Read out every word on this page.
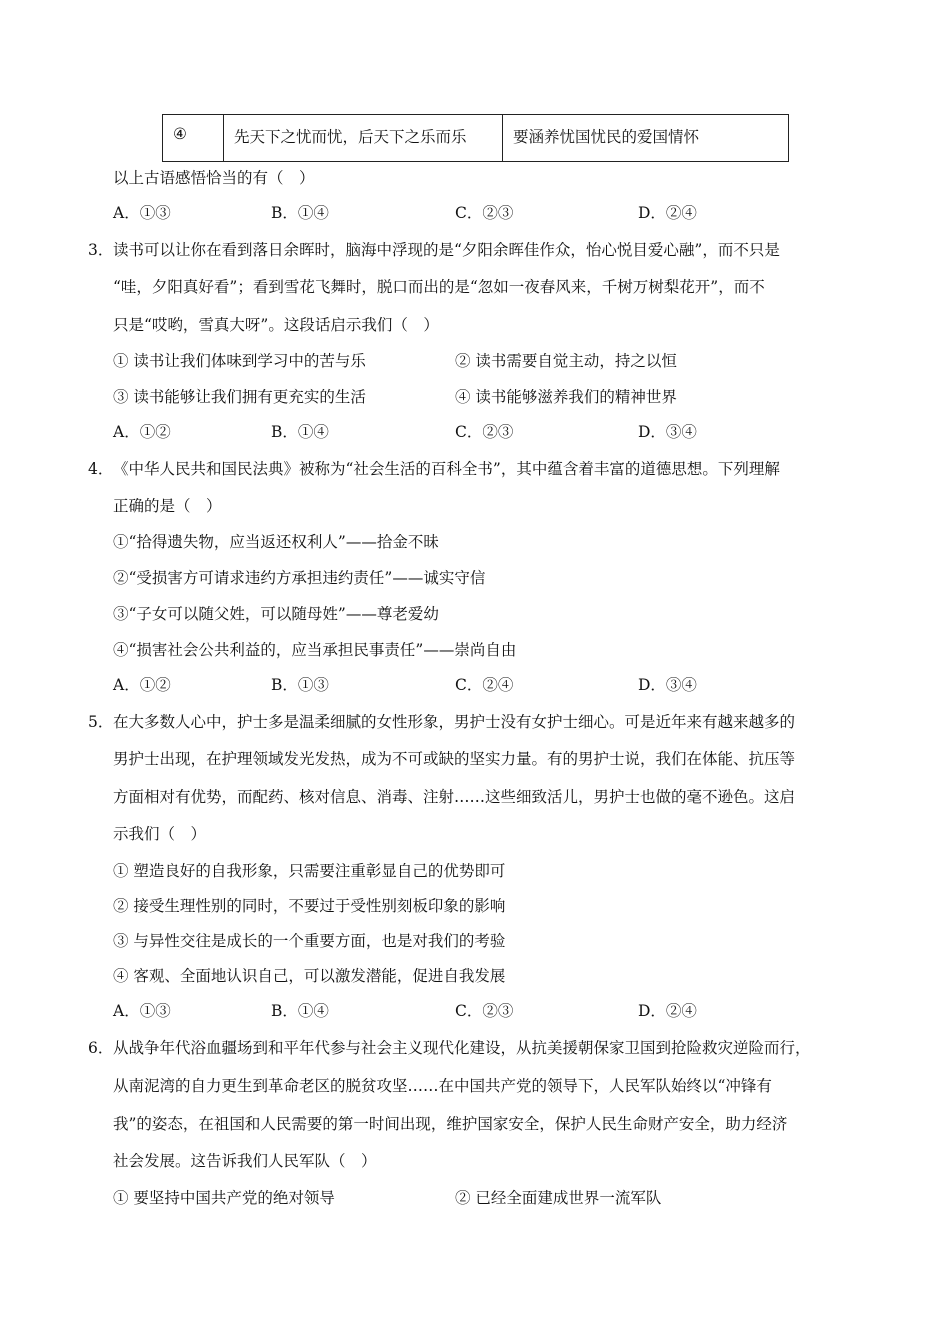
④	先天下之忧而忧，后天下之乐而乐	要涵养忧国忧民的爱国情怀
以上古语感悟恰当的有（　）
A．①③	B．①④	C．②③	D．②④
3． 读书可以让你在看到落日余晖时，脑海中浮现的是“夕阳余晖佳作众，怡心悦目爱心融”，而不只是
“哇，夕阳真好看”；看到雪花飞舞时，脱口而出的是“忽如一夜春风来，千树万树梨花开”，而不
只是“哎哟，雪真大呀”。这段话启示我们（　）
① 读书让我们体味到学习中的苦与乐	② 读书需要自觉主动，持之以恒
③ 读书能够让我们拥有更充实的生活	④ 读书能够滋养我们的精神世界
A．①②	B．①④	C．②③	D．③④
4． 《中华人民共和国民法典》被称为“社会生活的百科全书”，其中蕴含着丰富的道德思想。下列理解
正确的是（　）
①“拾得遗失物，应当返还权利人”——拾金不昧
②“受损害方可请求违约方承担违约责任”——诚实守信
③“子女可以随父姓，可以随母姓”——尊老爱幼
④“损害社会公共利益的，应当承担民事责任”——崇尚自由
A．①②	B．①③	C．②④	D．③④
5． 在大多数人心中，护士多是温柔细腻的女性形象，男护士没有女护士细心。可是近年来有越来越多的
男护士出现，在护理领域发光发热，成为不可或缺的坚实力量。有的男护士说，我们在体能、抗压等
方面相对有优势，而配药、核对信息、消毒、注射……这些细致活儿，男护士也做的毫不逊色。这启
示我们（　）
① 塑造良好的自我形象，只需要注重彰显自己的优势即可
② 接受生理性别的同时，不要过于受性别刻板印象的影响
③ 与异性交往是成长的一个重要方面，也是对我们的考验
④ 客观、全面地认识自己，可以激发潜能，促进自我发展
A．①③	B．①④	C．②③	D．②④
6． 从战争年代浴血疆场到和平年代参与社会主义现代化建设，从抗美援朝保家卫国到抢险救灾逆险而行，
从南泥湾的自力更生到革命老区的脱贫攻坚……在中国共产党的领导下，人民军队始终以“冲锋有
我”的姿态，在祖国和人民需要的第一时间出现，维护国家安全，保护人民生命财产安全，助力经济
社会发展。这告诉我们人民军队（　）
① 要坚持中国共产党的绝对领导	② 已经全面建成世界一流军队
